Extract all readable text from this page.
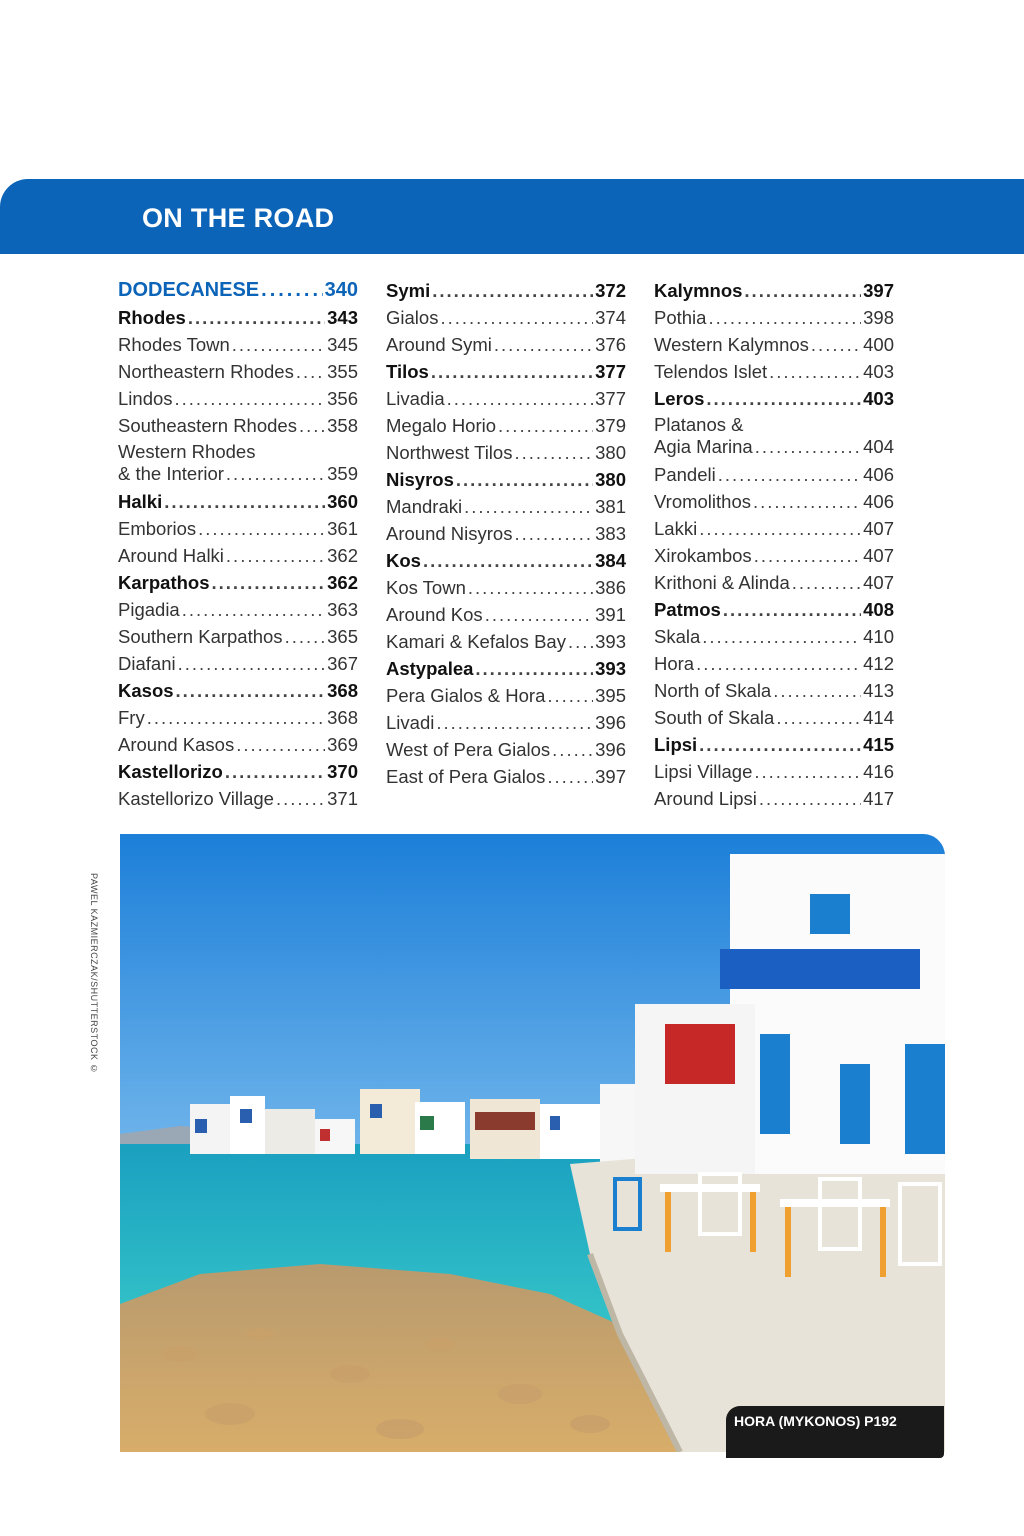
ON THE ROAD
DODECANESE .....	340
Rhodes .....	343
Rhodes Town .....	345
Northeastern Rhodes ..... 355
Lindos .....	356
Southeastern Rhodes ..... 358
Western Rhodes
& the Interior .....	359
Halki .....	360
Emborios .....	361
Around Halki .....	362
Karpathos .....	362
Pigadia .....	363
Southern Karpathos ..... 365
Diafani .....	367
Kasos .....	368
Fry .....	368
Around Kasos .....	369
Kastellorizo .....	370
Kastellorizo Village .....	371
Symi .....	372
Gialos .....	374
Around Symi .....	376
Tilos .....	377
Livadia .....	377
Megalo Horio .....	379
Northwest Tilos .....	380
Nisyros .....	380
Mandraki .....	381
Around Nisyros .....	383
Kos .....	384
Kos Town .....	386
Around Kos .....	391
Kamari & Kefalos Bay ..... 393
Astypalea .....	393
Pera Gialos & Hora .....	395
Livadi .....	396
West of Pera Gialos ..... 396
East of Pera Gialos .....	397
Kalymnos .....	397
Pothia .....	398
Western Kalymnos .....	400
Telendos Islet .....	403
Leros .....	403
Platanos &
Agia Marina .....	404
Pandeli .....	406
Vromolithos .....	406
Lakki .....	407
Xirokambos .....	407
Krithoni & Alinda .....	407
Patmos .....	408
Skala .....	410
Hora .....	412
North of Skala .....	413
South of Skala .....	414
Lipsi .....	415
Lipsi Village .....	416
Around Lipsi .....	417
PAWEL KAZMIERCZAK/SHUTTERSTOCK ©
HORA (MYKONOS) P192
